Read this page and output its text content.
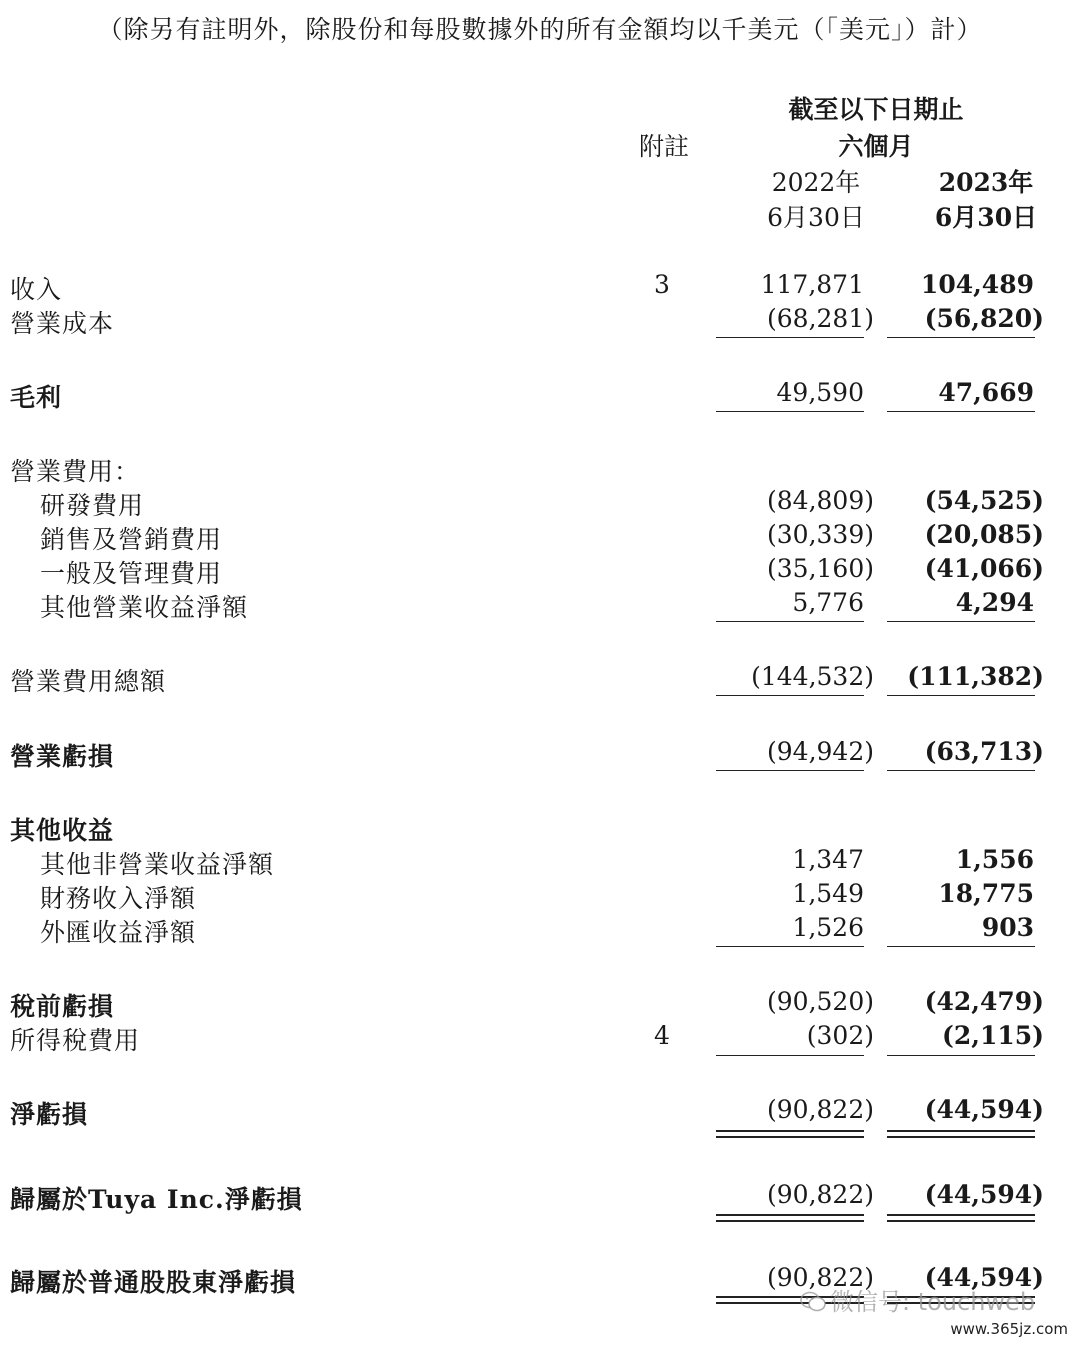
（除另有註明外，除股份和每股數據外的所有金額均以千美元（「美元」）計）
附註
截至以下日期止
六個月
2022年
6月30日
2023年
6月30日
收入	3	117,871 104,489
營業成本	(68,281) (56,820)
毛利	49,590	47,669
營業費用：
研發費用	(84,809) (54,525)
銷售及營銷費用	(30,339) (20,085)
一般及管理費用	(35,160) (41,066)
其他營業收益淨額	5,776	4,294
營業費用總額	(144,532) (111,382)
營業虧損	(94,942) (63,713)
其他收益
其他非營業收益淨額	1,347	1,556
財務收入淨額	1,549	18,775
外匯收益淨額	1,526	903
稅前虧損	(90,520) (42,479)
所得稅費用	4	(302)	(2,115)
淨虧損	(90,822) (44,594)
歸屬於Tuya Inc.淨虧損	(90,822) (44,594)
歸屬於普通股股東淨虧損	(90,822) (44,594)
微信号: touchweb
www.365jz.com
